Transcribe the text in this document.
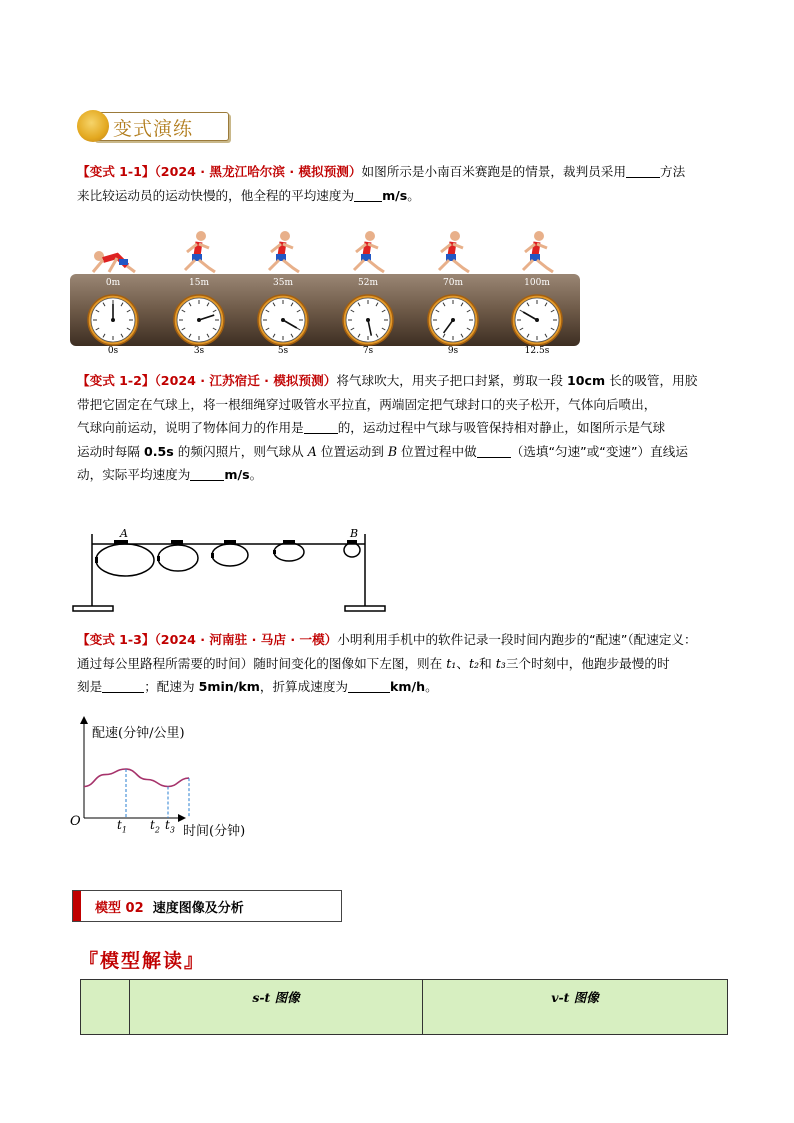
变式演练
【变式 1-1】（2024 · 黑龙江哈尔滨 · 模拟预测）如图所示是小南百米赛跑是的情景，裁判员采用	方法
来比较运动员的运动快慢的，他全程的平均速度为 m/s。
0m
0s
15m
3s
35m
5s
52m
7s
70m
9s
100m
12.5s
【变式 1-2】（2024 · 江苏宿迁 · 模拟预测）将气球吹大，用夹子把口封紧，剪取一段 10cm 长的吸管，用胶
带把它固定在气球上，将一根细绳穿过吸管水平拉直，两端固定把气球封口的夹子松开，气体向后喷出，
气球向前运动，说明了物体间力的作用是	的，运动过程中气球与吸管保持相对静止，如图所示是气球
运动时每隔 0.5s 的频闪照片，则气球从 A 位置运动到 B 位置过程中做	（选填“匀速”或“变速”）直线运
动，实际平均速度为	m/s。
A	B
【变式 1-3】（2024 · 河南驻 · 马店 · 一模）小明利用手机中的软件记录一段时间内跑步的“配速”（配速定义：
通过每公里路程所需要的时间）随时间变化的图像如下左图，则在 t₁、t₂和 t₃三个时刻中，他跑步最慢的时
刻是	；配速为 5min/km，折算成速度为	km/h。
配速(分钟/公里)
时间(分钟)
O	$t_1$ $t_2$ $t_3$
模型 02 速度图像及分析
『模型解读』
	s-t 图像	v-t 图像
